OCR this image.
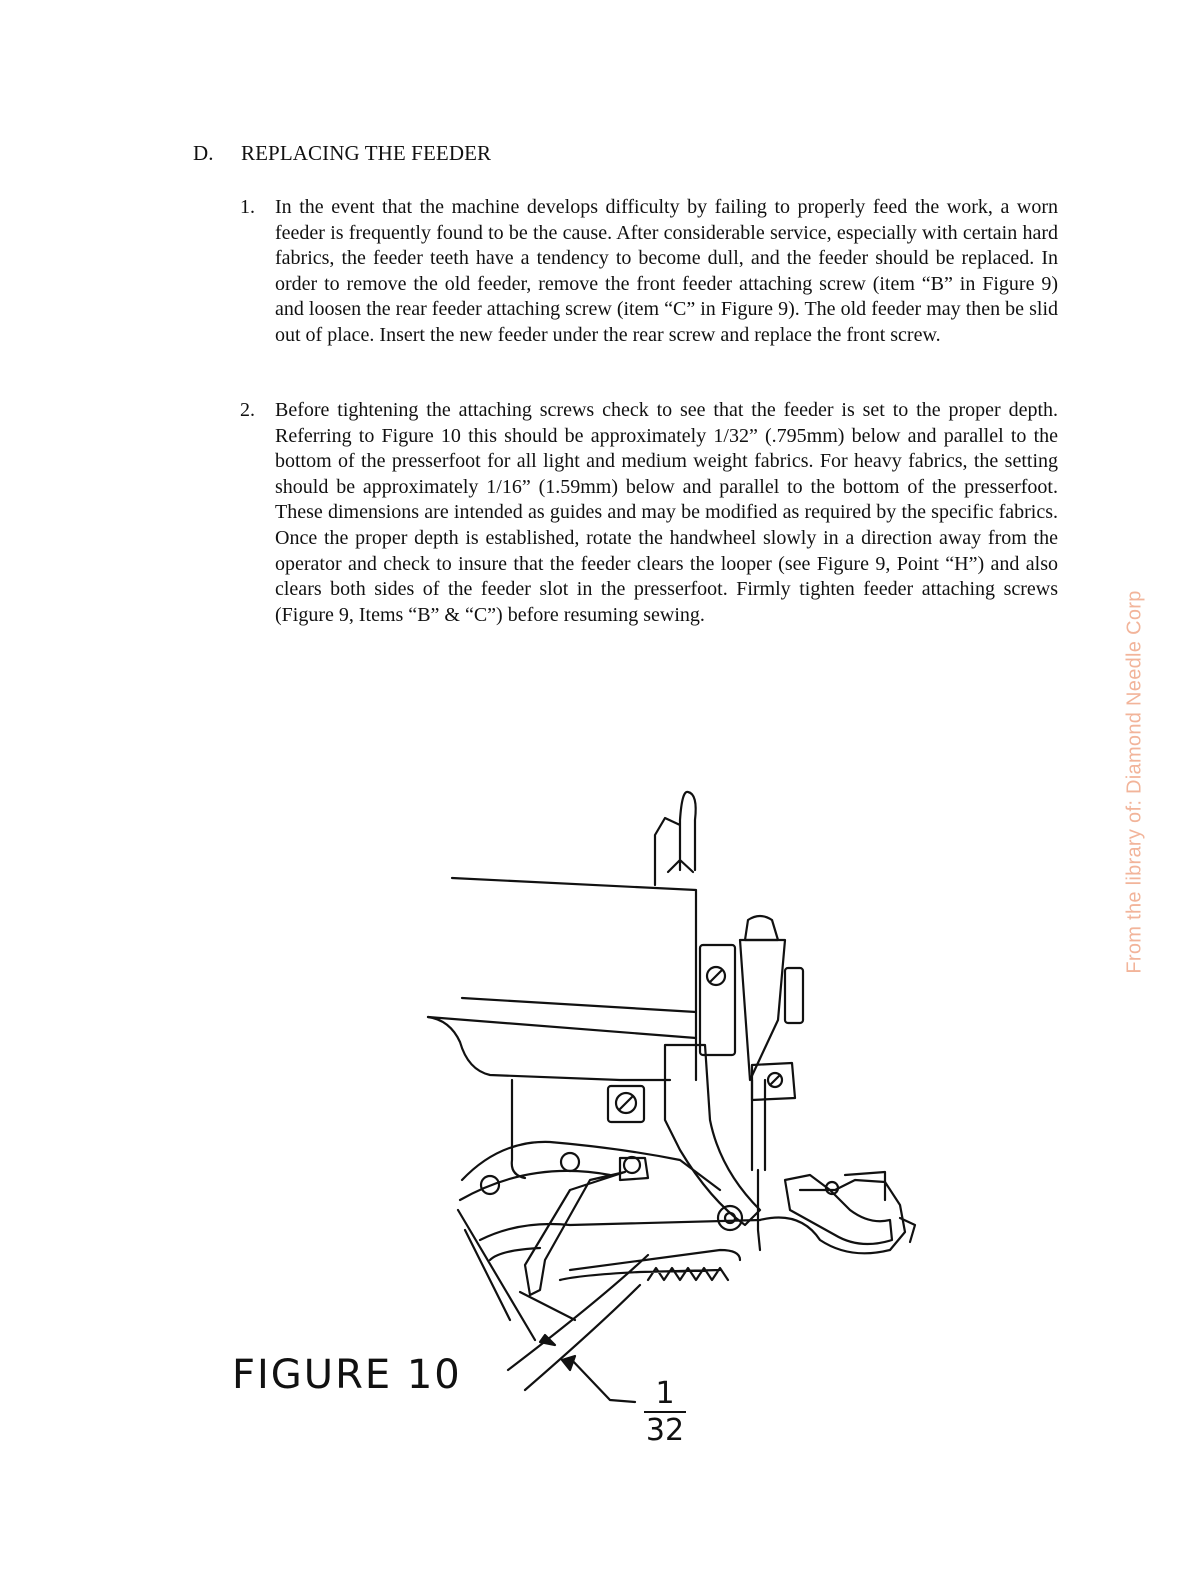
D. REPLACING THE FEEDER
1. In the event that the machine develops difficulty by failing to properly feed the work, a worn feeder is frequently found to be the cause. After considerable service, especially with certain hard fabrics, the feeder teeth have a tendency to become dull, and the feeder should be replaced. In order to remove the old feeder, remove the front feeder attaching screw (item “B” in Figure 9) and loosen the rear feeder attaching screw (item “C” in Figure 9). The old feeder may then be slid out of place. Insert the new feeder under the rear screw and replace the front screw.
2. Before tightening the attaching screws check to see that the feeder is set to the proper depth. Referring to Figure 10 this should be approximately 1/32” (.795mm) below and parallel to the bottom of the presserfoot for all light and medium weight fabrics. For heavy fabrics, the setting should be approximately 1/16” (1.59mm) below and parallel to the bottom of the presserfoot. These dimensions are intended as guides and may be modified as required by the specific fabrics. Once the proper depth is established, rotate the handwheel slowly in a direction away from the operator and check to insure that the feeder clears the looper (see Figure 9, Point “H”) and also clears both sides of the feeder slot in the presserfoot. Firmly tighten feeder attaching screws (Figure 9, Items “B” & “C”) before resuming sewing.
FIGURE 10	1
32
From the library of: Diamond Needle Corp
